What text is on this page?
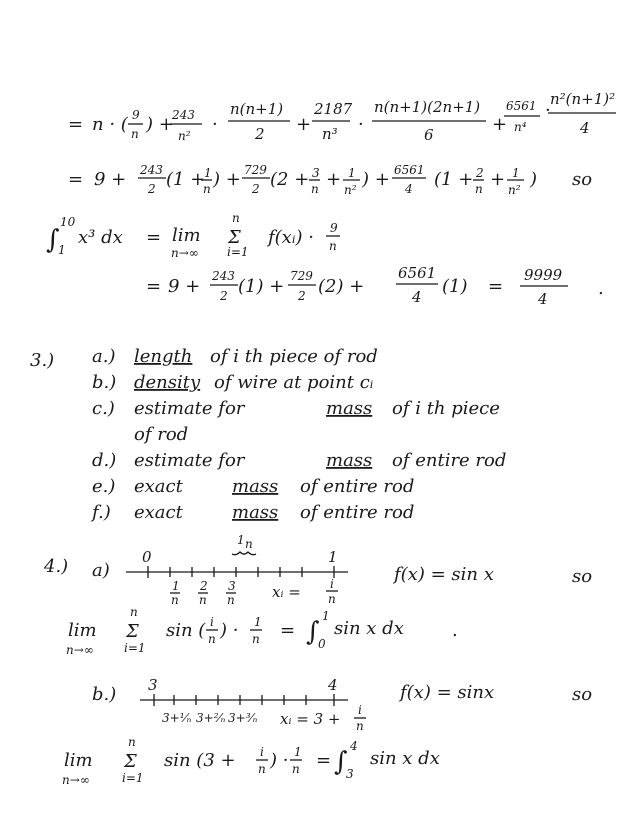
= n · ( 9
n ) +
243
n²
·
n(n+1)
2 +
2187
n³ ·
n(n+1)(2n+1)
6	+
6561
n⁴
·
n²(n+1)²
4
= 9 + 243
2 (1 +
1
n ) + 729
2 (2 + 3
n + 1
n² ) + 6561
4 (1 + 2
n + 1
n² ) so
∫
10
1
x³ dx = lim
n→∞
n
Σ
i=1
f(xᵢ) · 9
n
= 9 + 243
2 (1) + 729
2 (2) +
6561
4 (1) =
9999
4	.
3.) a.) length of i th piece of rod
b.) density of wire at point cᵢ
c.) estimate for	mass of i th piece
of rod
d.) estimate for	mass of entire rod
e.) exact	mass of entire rod
f.) exact	mass of entire rod
4.) a)
0	1
1 n
1
n
2
n
3
n xᵢ = i
n
f(x) = sin x	so
lim
n→∞
n
Σ
i=1
sin ( i
n ) · 1
n = ∫
1
0
sin x dx	.
b.) 3	4
3+¹⁄ₙ 3+²⁄ₙ 3+³⁄ₙ xᵢ = 3 + i
n
f(x) = sinx	so
lim
n→∞
n
Σ
i=1
sin (3 + i
n ) · 1
n = ∫
4
3
sin x dx
